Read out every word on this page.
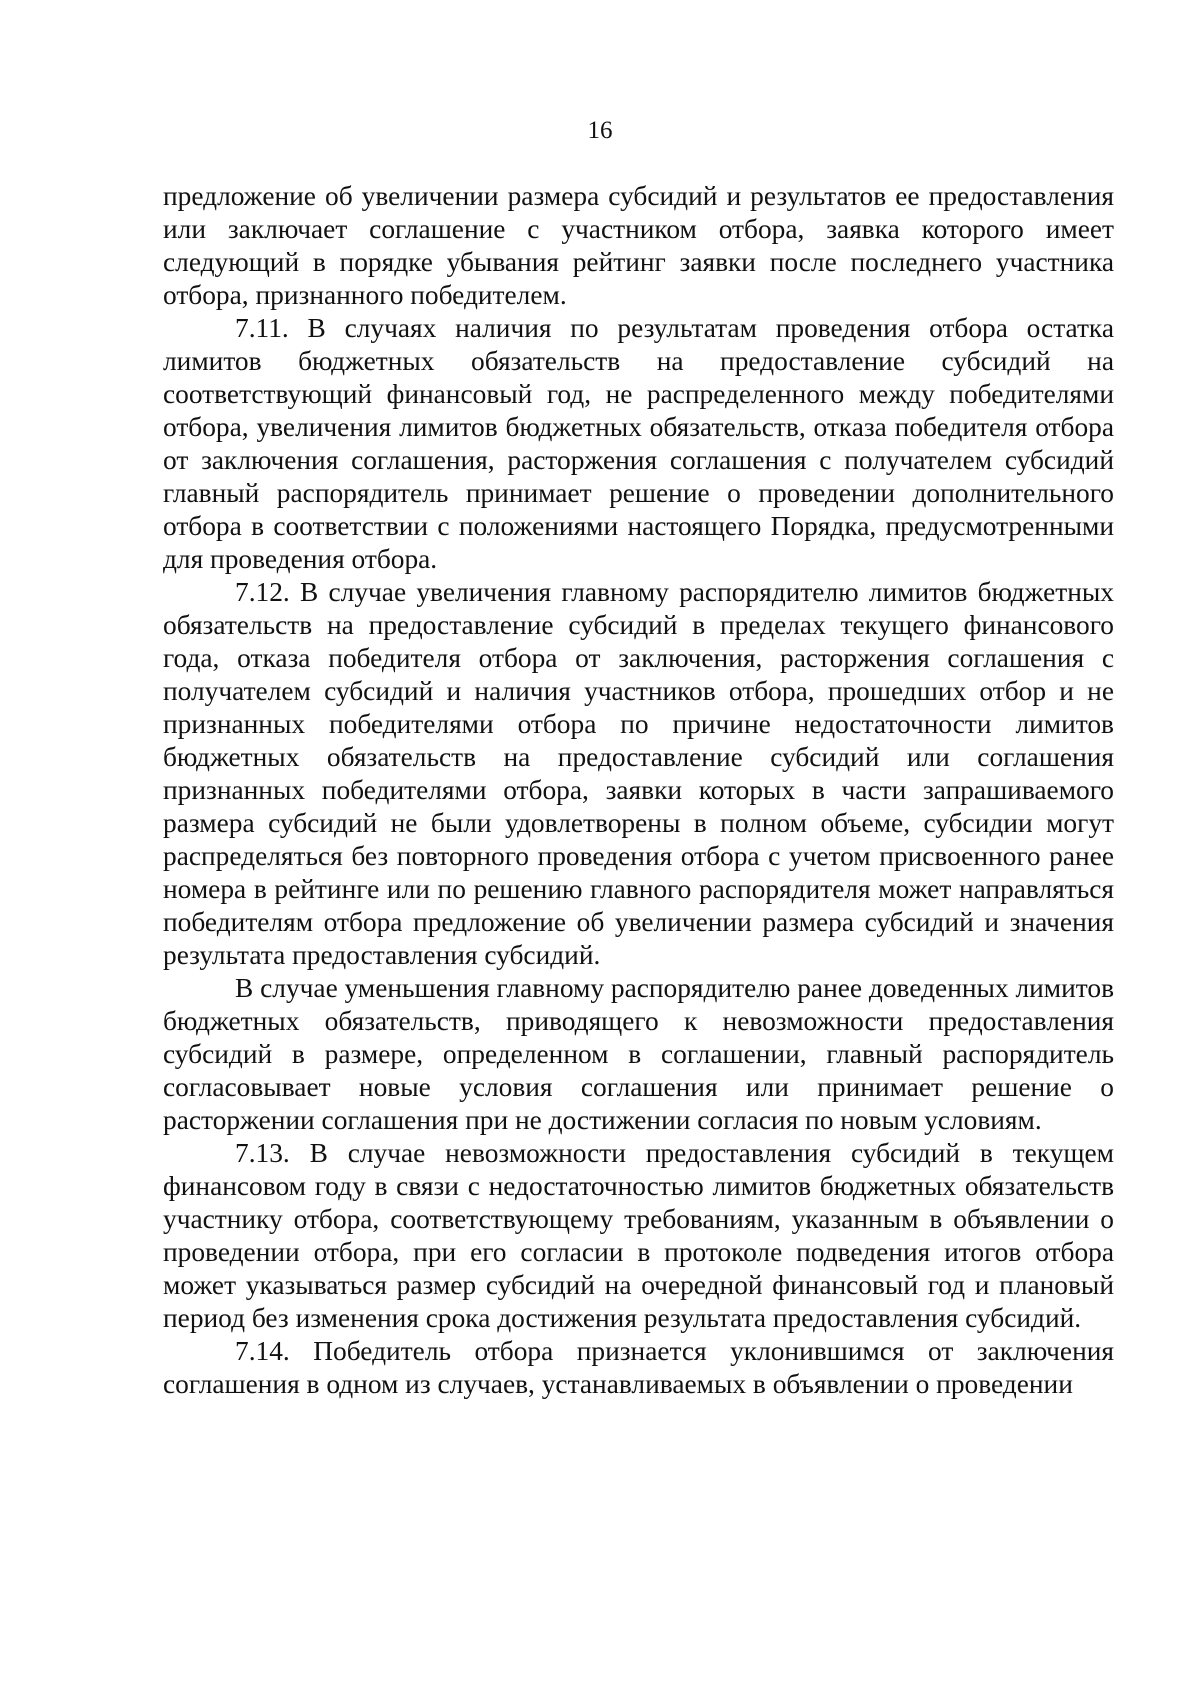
16

предложение об увеличении размера субсидий и результатов ее предоставления или заключает соглашение с участником отбора, заявка которого имеет следующий в порядке убывания рейтинг заявки после последнего участника отбора, признанного победителем.

7.11. В случаях наличия по результатам проведения отбора остатка лимитов бюджетных обязательств на предоставление субсидий на соответствующий финансовый год, не распределенного между победителями отбора, увеличения лимитов бюджетных обязательств, отказа победителя отбора от заключения соглашения, расторжения соглашения с получателем субсидий главный распорядитель принимает решение о проведении дополнительного отбора в соответствии с положениями настоящего Порядка, предусмотренными для проведения отбора.

7.12. В случае увеличения главному распорядителю лимитов бюджетных обязательств на предоставление субсидий в пределах текущего финансового года, отказа победителя отбора от заключения, расторжения соглашения с получателем субсидий и наличия участников отбора, прошедших отбор и не признанных победителями отбора по причине недостаточности лимитов бюджетных обязательств на предоставление субсидий или соглашения признанных победителями отбора, заявки которых в части запрашиваемого размера субсидий не были удовлетворены в полном объеме, субсидии могут распределяться без повторного проведения отбора с учетом присвоенного ранее номера в рейтинге или по решению главного распорядителя может направляться победителям отбора предложение об увеличении размера субсидий и значения результата предоставления субсидий.

В случае уменьшения главному распорядителю ранее доведенных лимитов бюджетных обязательств, приводящего к невозможности предоставления субсидий в размере, определенном в соглашении, главный распорядитель согласовывает новые условия соглашения или принимает решение о расторжении соглашения при не достижении согласия по новым условиям.

7.13. В случае невозможности предоставления субсидий в текущем финансовом году в связи с недостаточностью лимитов бюджетных обязательств участнику отбора, соответствующему требованиям, указанным в объявлении о проведении отбора, при его согласии в протоколе подведения итогов отбора может указываться размер субсидий на очередной финансовый год и плановый период без изменения срока достижения результата предоставления субсидий.

7.14. Победитель отбора признается уклонившимся от заключения соглашения в одном из случаев, устанавливаемых в объявлении о проведении
